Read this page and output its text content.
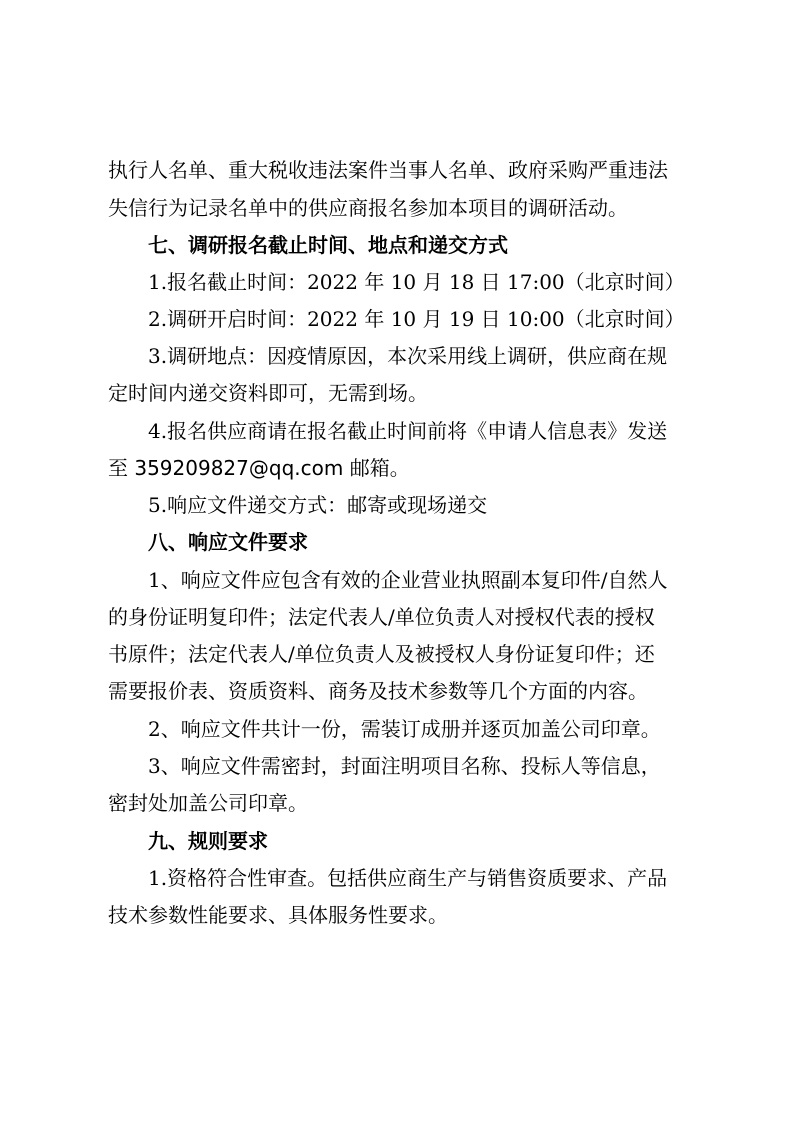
执行人名单、重大税收违法案件当事人名单、政府采购严重违法
失信行为记录名单中的供应商报名参加本项目的调研活动。
七、调研报名截止时间、地点和递交方式
1.报名截止时间：2022 年 10 月 18 日 17:00（北京时间）
2.调研开启时间：2022 年 10 月 19 日 10:00（北京时间）
3.调研地点：因疫情原因，本次采用线上调研，供应商在规
定时间内递交资料即可，无需到场。
4.报名供应商请在报名截止时间前将《申请人信息表》发送
至 359209827@qq.com 邮箱。
5.响应文件递交方式：邮寄或现场递交
八、响应文件要求
1、响应文件应包含有效的企业营业执照副本复印件/自然人
的身份证明复印件；法定代表人/单位负责人对授权代表的授权
书原件；法定代表人/单位负责人及被授权人身份证复印件；还
需要报价表、资质资料、商务及技术参数等几个方面的内容。
2、响应文件共计一份，需装订成册并逐页加盖公司印章。
3、响应文件需密封，封面注明项目名称、投标人等信息，
密封处加盖公司印章。
九、规则要求
1.资格符合性审查。包括供应商生产与销售资质要求、产品
技术参数性能要求、具体服务性要求。
